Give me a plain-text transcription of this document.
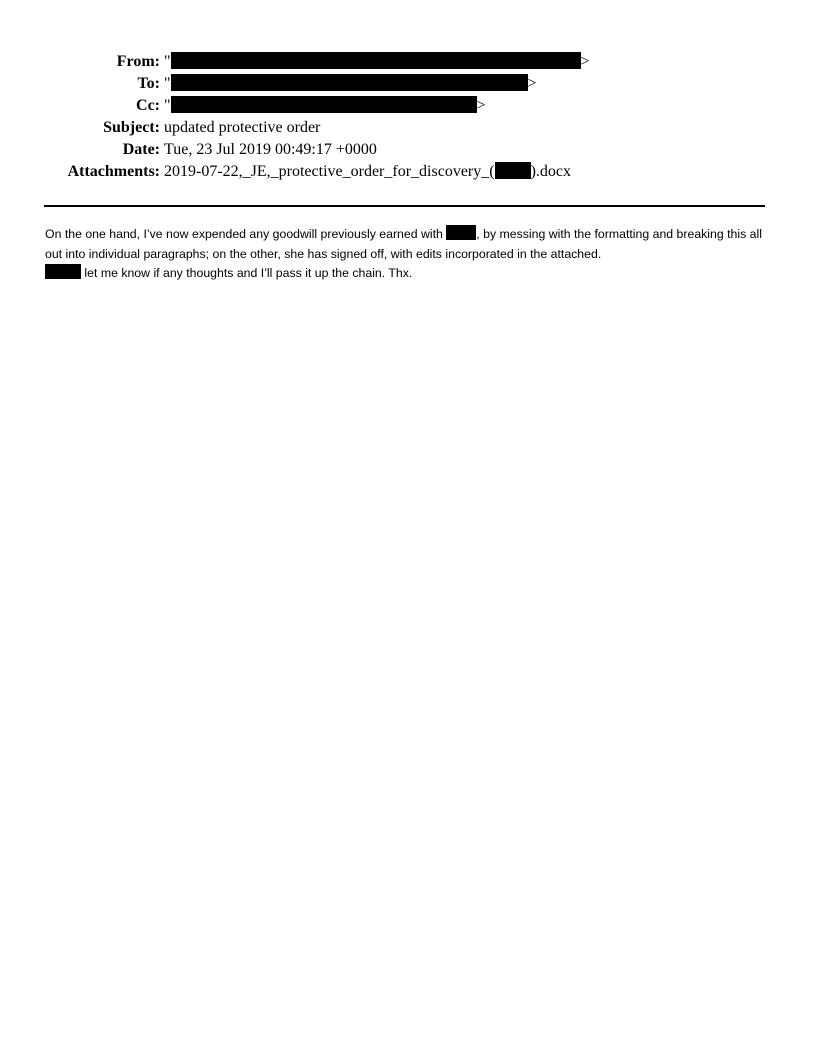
From: "	>
To: "	>
Cc: "	>
Subject: updated protective order
Date: Tue, 23 Jul 2019 00:49:17 +0000
Attachments: 2019-07-22,_JE,_protective_order_for_discovery_( ).docx
On the one hand, I’ve now expended any goodwill previously earned with , by messing with the formatting and breaking this all out into individual paragraphs; on the other, she has signed off, with edits incorporated in the attached.
let me know if any thoughts and I’ll pass it up the chain. Thx.
